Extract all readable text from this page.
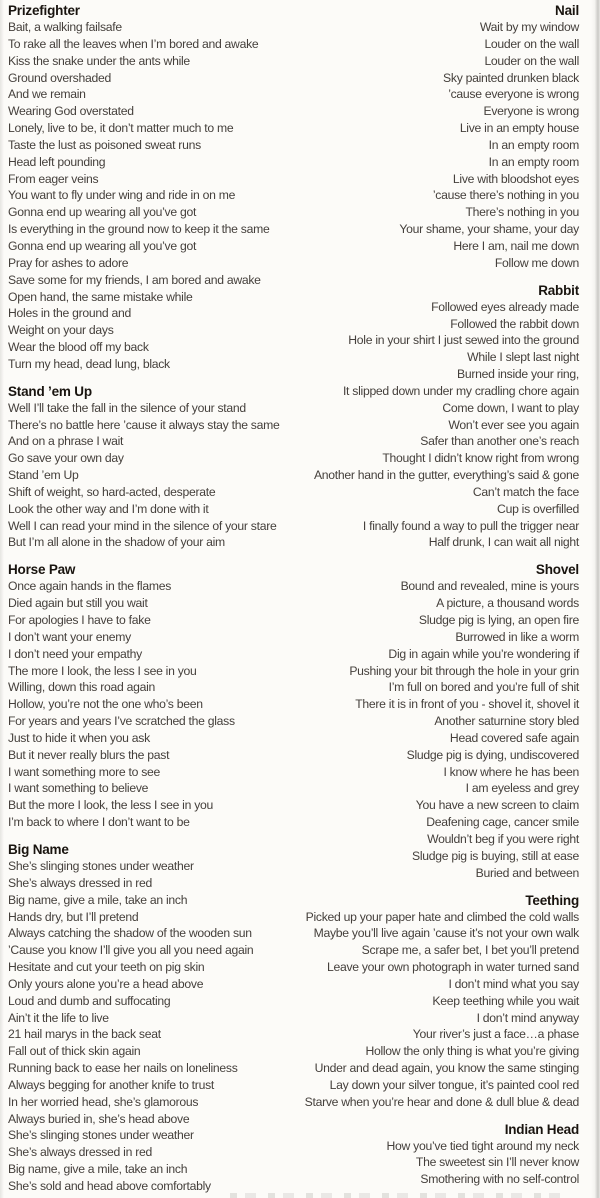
Prizefighter
Bait, a walking failsafe
To rake all the leaves when I’m bored and awake
Kiss the snake under the ants while
Ground overshaded
And we remain
Wearing God overstated
Lonely, live to be, it don’t matter much to me
Taste the lust as poisoned sweat runs
Head left pounding
From eager veins
You want to fly under wing and ride in on me
Gonna end up wearing all you’ve got
Is everything in the ground now to keep it the same
Gonna end up wearing all you’ve got
Pray for ashes to adore
Save some for my friends, I am bored and awake
Open hand, the same mistake while
Holes in the ground and
Weight on your days
Wear the blood off my back
Turn my head, dead lung, black
Stand ’em Up
Well I’ll take the fall in the silence of your stand
There’s no battle here ’cause it always stay the same
And on a phrase I wait
Go save your own day
Stand ’em Up
Shift of weight, so hard-acted, desperate
Look the other way and I’m done with it
Well I can read your mind in the silence of your stare
But I’m all alone in the shadow of your aim
Horse Paw
Once again hands in the flames
Died again but still you wait
For apologies I have to fake
I don’t want your enemy
I don’t need your empathy
The more I look, the less I see in you
Willing, down this road again
Hollow, you’re not the one who’s been
For years and years I’ve scratched the glass
Just to hide it when you ask
But it never really blurs the past
I want something more to see
I want something to believe
But the more I look, the less I see in you
I’m back to where I don’t want to be
Big Name
She’s slinging stones under weather
She’s always dressed in red
Big name, give a mile, take an inch
Hands dry, but I’ll pretend
Always catching the shadow of the wooden sun
’Cause you know I’ll give you all you need again
Hesitate and cut your teeth on pig skin
Only yours alone you’re a head above
Loud and dumb and suffocating
Ain’t it the life to live
21 hail marys in the back seat
Fall out of thick skin again
Running back to ease her nails on loneliness
Always begging for another knife to trust
In her worried head, she’s glamorous
Always buried in, she’s head above
She’s slinging stones under weather
She’s always dressed in red
Big name, give a mile, take an inch
She’s sold and head above comfortably
Nail
Wait by my window
Louder on the wall
Louder on the wall
Sky painted drunken black
’cause everyone is wrong
Everyone is wrong
Live in an empty house
In an empty room
In an empty room
Live with bloodshot eyes
’cause there’s nothing in you
There’s nothing in you
Your shame, your shame, your day
Here I am, nail me down
Follow me down
Rabbit
Followed eyes already made
Followed the rabbit down
Hole in your shirt I just sewed into the ground
While I slept last night
Burned inside your ring,
It slipped down under my cradling chore again
Come down, I want to play
Won’t ever see you again
Safer than another one’s reach
Thought I didn’t know right from wrong
Another hand in the gutter, everything’s said & gone
Can’t match the face
Cup is overfilled
I finally found a way to pull the trigger near
Half drunk, I can wait all night
Shovel
Bound and revealed, mine is yours
A picture, a thousand words
Sludge pig is lying, an open fire
Burrowed in like a worm
Dig in again while you’re wondering if
Pushing your bit through the hole in your grin
I’m full on bored and you’re full of shit
There it is in front of you - shovel it, shovel it
Another saturnine story bled
Head covered safe again
Sludge pig is dying, undiscovered
I know where he has been
I am eyeless and grey
You have a new screen to claim
Deafening cage, cancer smile
Wouldn’t beg if you were right
Sludge pig is buying, still at ease
Buried and between
Teething
Picked up your paper hate and climbed the cold walls
Maybe you’ll live again ’cause it’s not your own walk
Scrape me, a safer bet, I bet you’ll pretend
Leave your own photograph in water turned sand
I don’t mind what you say
Keep teething while you wait
I don’t mind anyway
Your river’s just a face…a phase
Hollow the only thing is what you’re giving
Under and dead again, you know the same stinging
Lay down your silver tongue, it’s painted cool red
Starve when you’re hear and done & dull blue & dead
Indian Head
How you’ve tied tight around my neck
The sweetest sin I’ll never know
Smothering with no self-control
